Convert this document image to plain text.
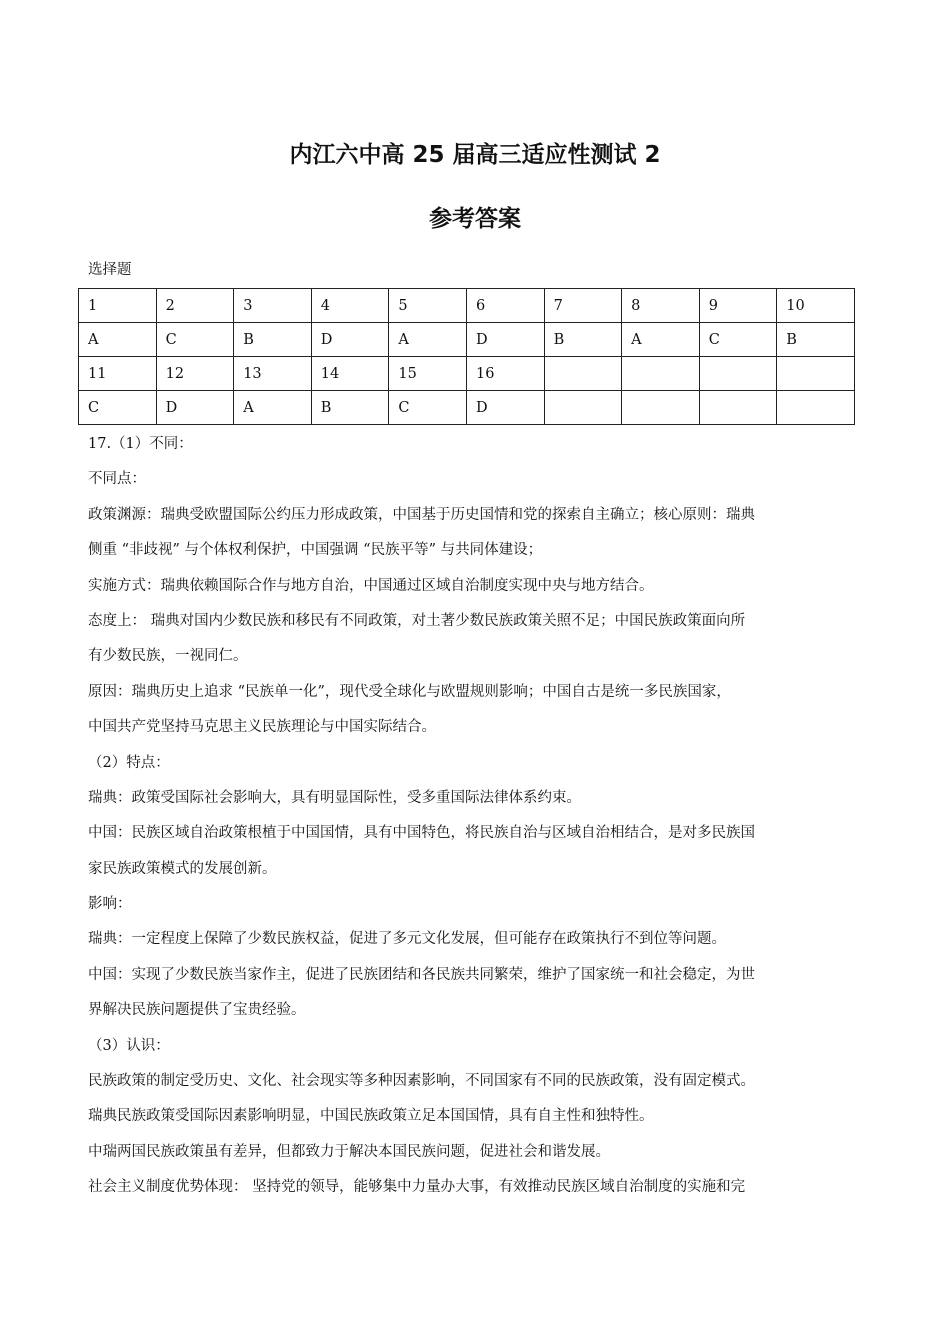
内江六中高 25 届高三适应性测试 2
参考答案
选择题
1	2	3	4	5	6	7	8	9	10
A	C	B	D	A	D	B	A	C	B
11	12	13	14	15	16				
C	D	A	B	C	D				
17.（1）不同：
不同点：
政策渊源：瑞典受欧盟国际公约压力形成政策，中国基于历史国情和党的探索自主确立；核心原则：瑞典
侧重 “非歧视” 与个体权利保护，中国强调 “民族平等” 与共同体建设；
实施方式：瑞典依赖国际合作与地方自治，中国通过区域自治制度实现中央与地方结合。
态度上： 瑞典对国内少数民族和移民有不同政策，对土著少数民族政策关照不足；中国民族政策面向所
有少数民族，一视同仁。
原因：瑞典历史上追求 “民族单一化”，现代受全球化与欧盟规则影响；中国自古是统一多民族国家，
中国共产党坚持马克思主义民族理论与中国实际结合。
（2）特点：
瑞典：政策受国际社会影响大，具有明显国际性，受多重国际法律体系约束。
中国：民族区域自治政策根植于中国国情，具有中国特色，将民族自治与区域自治相结合，是对多民族国
家民族政策模式的发展创新。
影响：
瑞典：一定程度上保障了少数民族权益，促进了多元文化发展，但可能存在政策执行不到位等问题。
中国：实现了少数民族当家作主，促进了民族团结和各民族共同繁荣，维护了国家统一和社会稳定，为世
界解决民族问题提供了宝贵经验。
（3）认识：
民族政策的制定受历史、文化、社会现实等多种因素影响，不同国家有不同的民族政策，没有固定模式。
瑞典民族政策受国际因素影响明显，中国民族政策立足本国国情，具有自主性和独特性。
中瑞两国民族政策虽有差异，但都致力于解决本国民族问题，促进社会和谐发展。
社会主义制度优势体现： 坚持党的领导，能够集中力量办大事，有效推动民族区域自治制度的实施和完
